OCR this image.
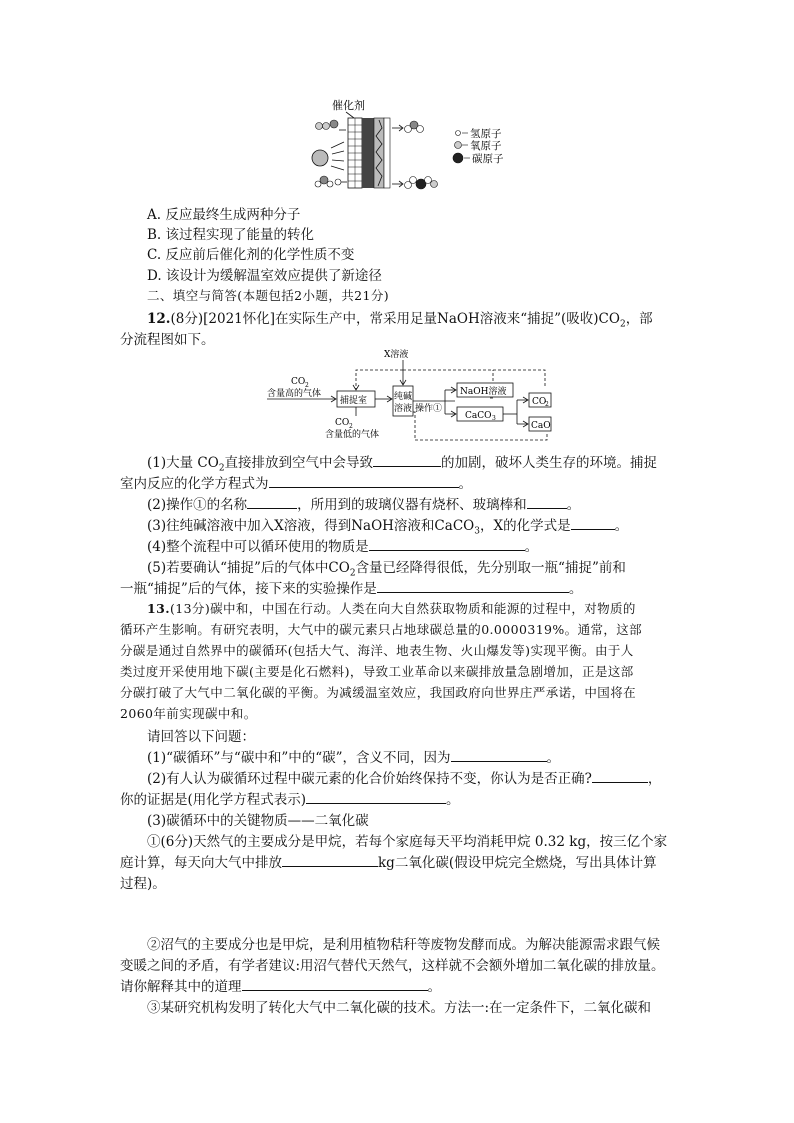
催化剂
氢原子
氧原子
碳原子
A. 反应最终生成两种分子
B. 该过程实现了能量的转化
C. 反应前后催化剂的化学性质不变
D. 该设计为缓解温室效应提供了新途径
二、填空与简答(本题包括2小题，共21分)
12.(8分)[2021怀化]在实际生产中，常采用足量NaOH溶液来“捕捉”(吸收)$CO_2$，部
分流程图如下。
X溶液
CO 2
含量高的气体
CO 2
含量低的气体
捕捉室	纯碱
溶液 操作①
NaOH溶液
CaCO 3
CO
2
CaO
(1)大量 $CO_2$直接排放到空气中会导致	的加剧，破坏人类生存的环境。捕捉
室内反应的化学方程式为	。
(2)操作①的名称	，所用到的玻璃仪器有烧杯、玻璃棒和	。
(3)往纯碱溶液中加入X溶液，得到NaOH溶液和CaCO$_3$，X的化学式是	。
(4)整个流程中可以循环使用的物质是	。
(5)若要确认“捕捉”后的气体中$CO_2$含量已经降得很低，先分别取一瓶“捕捉”前和
一瓶“捕捉”后的气体，接下来的实验操作是	。
13.(13分)碳中和，中国在行动。人类在向大自然获取物质和能源的过程中，对物质的
循环产生影响。有研究表明，大气中的碳元素只占地球碳总量的0.0000319%。通常，这部
分碳是通过自然界中的碳循环(包括大气、海洋、地表生物、火山爆发等)实现平衡。由于人
类过度开采使用地下碳(主要是化石燃料)，导致工业革命以来碳排放量急剧增加，正是这部
分碳打破了大气中二氧化碳的平衡。为减缓温室效应，我国政府向世界庄严承诺，中国将在
2060年前实现碳中和。
请回答以下问题：
(1)“碳循环”与“碳中和”中的“碳”，含义不同，因为	。
(2)有人认为碳循环过程中碳元素的化合价始终保持不变，你认为是否正确?	，
你的证据是(用化学方程式表示)	。
(3)碳循环中的关键物质——二氧化碳
①(6分)天然气的主要成分是甲烷，若每个家庭每天平均消耗甲烷 0.32 kg，按三亿个家
庭计算，每天向大气中排放	kg二氧化碳(假设甲烷完全燃烧，写出具体计算
过程)。
②沼气的主要成分也是甲烷，是利用植物秸秆等废物发酵而成。为解决能源需求跟气候
变暖之间的矛盾，有学者建议:用沼气替代天然气，这样就不会额外增加二氧化碳的排放量。
请你解释其中的道理	。
③某研究机构发明了转化大气中二氧化碳的技术。方法一:在一定条件下，二氧化碳和
